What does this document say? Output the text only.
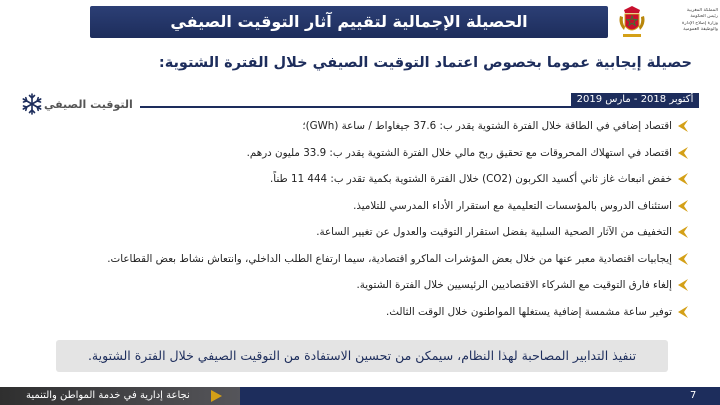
الحصيلة الإجمالية لتقييم آثار التوقيت الصيفي
المملكة المغربية
رئيس الحكومة
وزارة إصلاح الإدارة
والوظيفة العمومية
حصيلة إيجابية عموما بخصوص اعتماد التوقيت الصيفي خلال الفترة الشتوية:
التوقيت الصيفي	أكتوبر 2018 - مارس 2019
اقتصاد إضافي في الطاقة خلال الفترة الشتوية يقدر ب: 37.6 جيغاواط / ساعة (GWh)؛
اقتصاد في استهلاك المحروقات مع تحقيق ربح مالي خلال الفترة الشتوية يقدر ب: 33.9 مليون درهم.
خفض انبعاث غاز ثاني أكسيد الكربون (CO2) خلال الفترة الشتوية بكمية تقدر ب: 444 11 طناً.
استئناف الدروس بالمؤسسات التعليمية مع استقرار الأداء المدرسي للتلاميذ.
التخفيف من الآثار الصحية السلبية بفضل استقرار التوقيت والعدول عن تغيير الساعة.
إيجابيات اقتصادية معبر عنها من خلال بعض المؤشرات الماكرو اقتصادية، سيما ارتفاع الطلب الداخلي، وانتعاش نشاط بعض القطاعات.
إلغاء فارق التوقيت مع الشركاء الاقتصاديين الرئيسيين خلال الفترة الشتوية.
توفير ساعة مشمسة إضافية يستغلها المواطنون خلال الوقت الثالث.
تنفيذ التدابير المصاحبة لهذا النظام، سيمكن من تحسين الاستفادة من التوقيت الصيفي خلال الفترة الشتوية.
نجاعة إدارية في خدمة المواطن والتنمية	7
